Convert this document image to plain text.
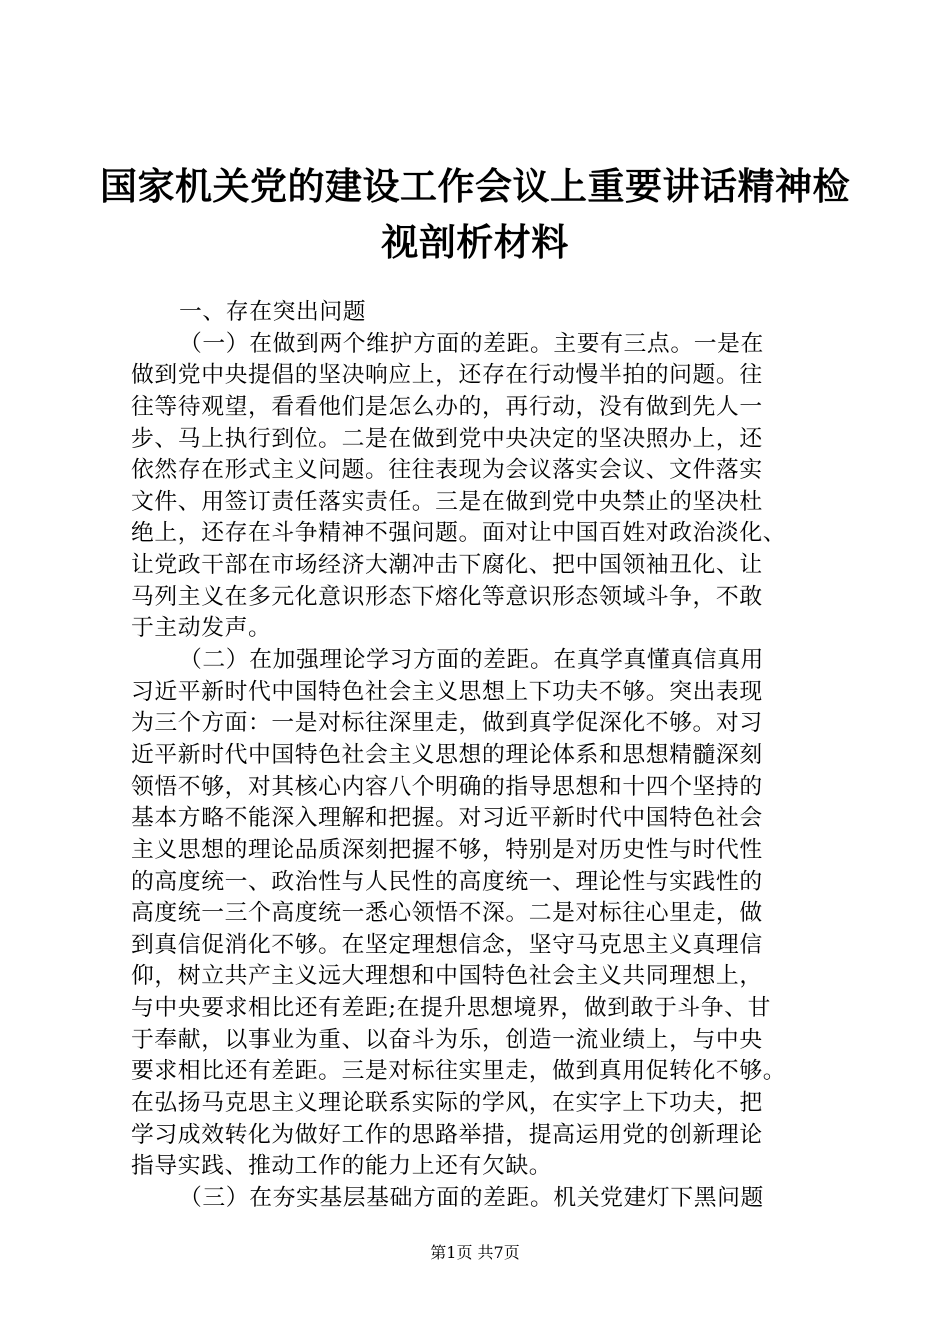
国家机关党的建设工作会议上重要讲话精神检
视剖析材料
一、存在突出问题
（一）在做到两个维护方面的差距。主要有三点。一是在
做到党中央提倡的坚决响应上，还存在行动慢半拍的问题。往
往等待观望，看看他们是怎么办的，再行动，没有做到先人一
步、马上执行到位。二是在做到党中央决定的坚决照办上，还
依然存在形式主义问题。往往表现为会议落实会议、文件落实
文件、用签订责任落实责任。三是在做到党中央禁止的坚决杜
绝上，还存在斗争精神不强问题。面对让中国百姓对政治淡化、
让党政干部在市场经济大潮冲击下腐化、把中国领袖丑化、让
马列主义在多元化意识形态下熔化等意识形态领域斗争，不敢
于主动发声。
（二）在加强理论学习方面的差距。在真学真懂真信真用
习近平新时代中国特色社会主义思想上下功夫不够。突出表现
为三个方面：一是对标往深里走，做到真学促深化不够。对习
近平新时代中国特色社会主义思想的理论体系和思想精髓深刻
领悟不够，对其核心内容八个明确的指导思想和十四个坚持的
基本方略不能深入理解和把握。对习近平新时代中国特色社会
主义思想的理论品质深刻把握不够，特别是对历史性与时代性
的高度统一、政治性与人民性的高度统一、理论性与实践性的
高度统一三个高度统一悉心领悟不深。二是对标往心里走，做
到真信促消化不够。在坚定理想信念，坚守马克思主义真理信
仰，树立共产主义远大理想和中国特色社会主义共同理想上，
与中央要求相比还有差距;在提升思想境界，做到敢于斗争、甘
于奉献，以事业为重、以奋斗为乐，创造一流业绩上，与中央
要求相比还有差距。三是对标往实里走，做到真用促转化不够。
在弘扬马克思主义理论联系实际的学风，在实字上下功夫，把
学习成效转化为做好工作的思路举措，提高运用党的创新理论
指导实践、推动工作的能力上还有欠缺。
（三）在夯实基层基础方面的差距。机关党建灯下黑问题
第1页 共7页
